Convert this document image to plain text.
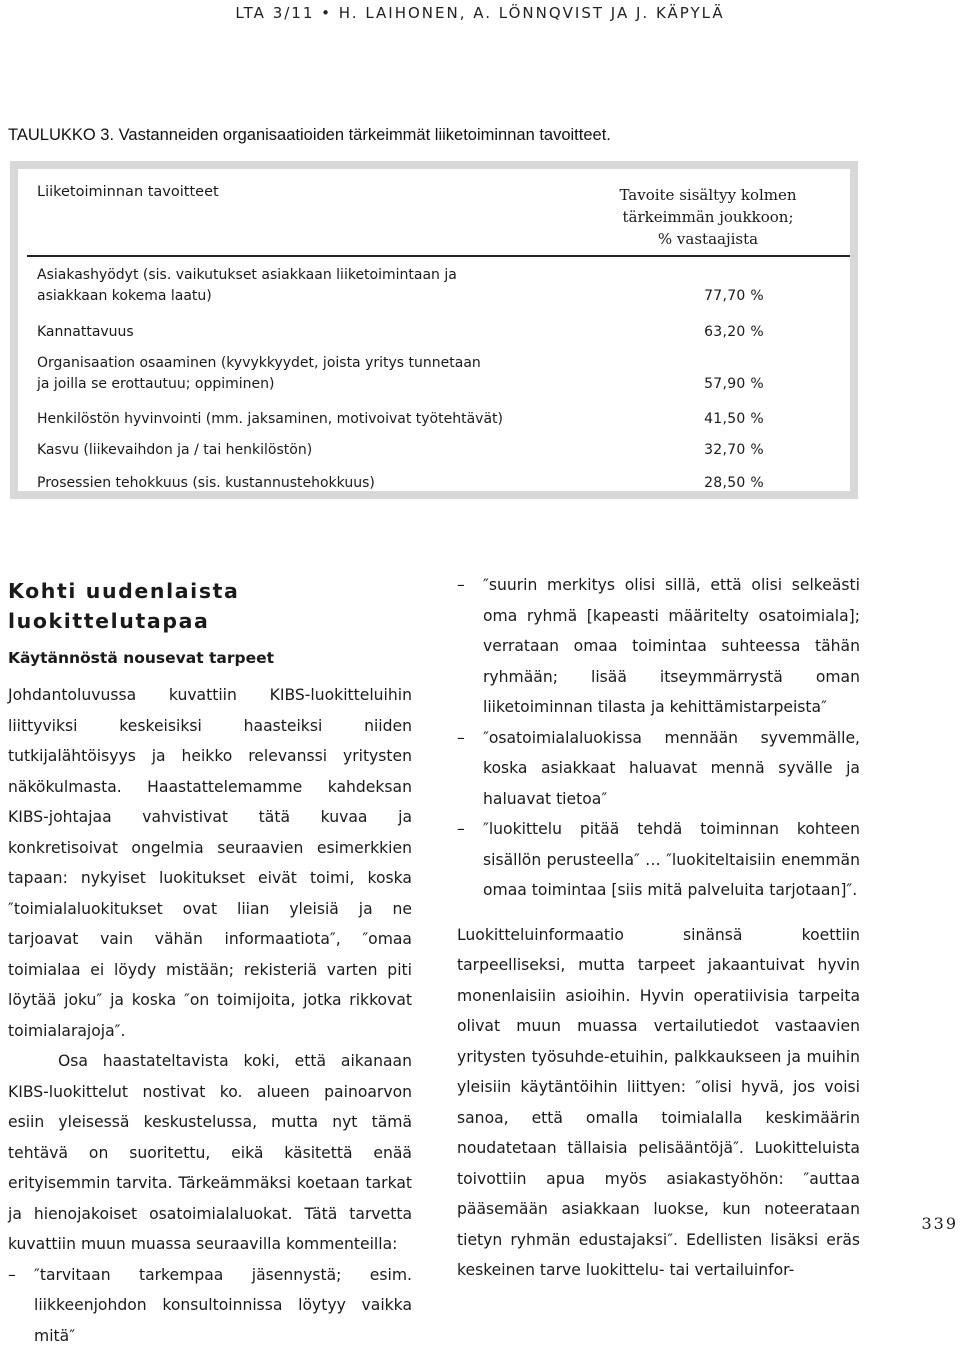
LTA 3/11 • H. LAIHONEN, A. LÖNNQVIST JA J. KÄPYLÄ
TAULUKKO 3. Vastanneiden organisaatioiden tärkeimmät liiketoiminnan tavoitteet.
Liiketoiminnan tavoitteet	Tavoite sisältyy kolmen
tärkeimmän joukkoon;
% vastaajista
Asiakashyödyt (sis. vaikutukset asiakkaan liiketoimintaan ja
asiakkaan kokema laatu)	77,70 %
Kannattavuus	63,20 %
Organisaation osaaminen (kyvykkyydet, joista yritys tunnetaan
ja joilla se erottautuu; oppiminen)	57,90 %
Henkilöstön hyvinvointi (mm. jaksaminen, motivoivat työtehtävät)	41,50 %
Kasvu (liikevaihdon ja / tai henkilöstön)	32,70 %
Prosessien tehokkuus (sis. kustannustehokkuus)	28,50 %
Kohti uudenlaista
luokittelutapaa
Käytännöstä nousevat tarpeet

Johdantoluvussa kuvattiin KIBS-luokitteluihin liittyviksi keskeisiksi haasteiksi niiden tutkijalähtöisyys ja heikko relevanssi yritysten näkökulmasta. Haastattelemamme kahdeksan KIBS-johtajaa vahvistivat tätä kuvaa ja konkretisoivat ongelmia seuraavien esimerkkien tapaan: nykyiset luokitukset eivät toimi, koska ″toimialaluokitukset ovat liian yleisiä ja ne tarjoavat vain vähän informaatiota″, ″omaa toimialaa ei löydy mistään; rekisteriä varten piti löytää joku″ ja koska ″on toimijoita, jotka rikkovat toimialarajoja″.

Osa haastateltavista koki, että aikanaan KIBS-luokittelut nostivat ko. alueen painoarvon esiin yleisessä keskustelussa, mutta nyt tämä tehtävä on suoritettu, eikä käsitettä enää erityisemmin tarvita. Tärkeämmäksi koetaan tarkat ja hienojakoiset osatoimialaluokat. Tätä tarvetta kuvattiin muun muassa seuraavilla kommenteilla:

–	″tarvitaan tarkempaa jäsennystä; esim. liikkeenjohdon konsultoinnissa löytyy vaikka mitä″
–	″suurin merkitys olisi sillä, että olisi selkeästi oma ryhmä [kapeasti määritelty osatoimiala]; verrataan omaa toimintaa suhteessa tähän ryhmään; lisää itseymmärrystä oman liiketoiminnan tilasta ja kehittämistarpeista″
–	″osatoimialaluokissa mennään syvemmälle, koska asiakkaat haluavat mennä syvälle ja haluavat tietoa″
–	″luokittelu pitää tehdä toiminnan kohteen sisällön perusteella″ … ″luokiteltaisiin enemmän omaa toimintaa [siis mitä palveluita tarjotaan]″.

Luokitteluinformaatio sinänsä koettiin tarpeelliseksi, mutta tarpeet jakaantuivat hyvin monenlaisiin asioihin. Hyvin operatiivisia tarpeita olivat muun muassa vertailutiedot vastaavien yritysten työsuhde-etuihin, palkkaukseen ja muihin yleisiin käytäntöihin liittyen: ″olisi hyvä, jos voisi sanoa, että omalla toimialalla keskimäärin noudatetaan tällaisia pelisääntöjä″. Luokitteluista toivottiin apua myös asiakastyöhön: ″auttaa pääsemään asiakkaan luokse, kun noteerataan tietyn ryhmän edustajaksi″. Edellisten lisäksi eräs keskeinen tarve luokittelu- tai vertailuinfor-

339
